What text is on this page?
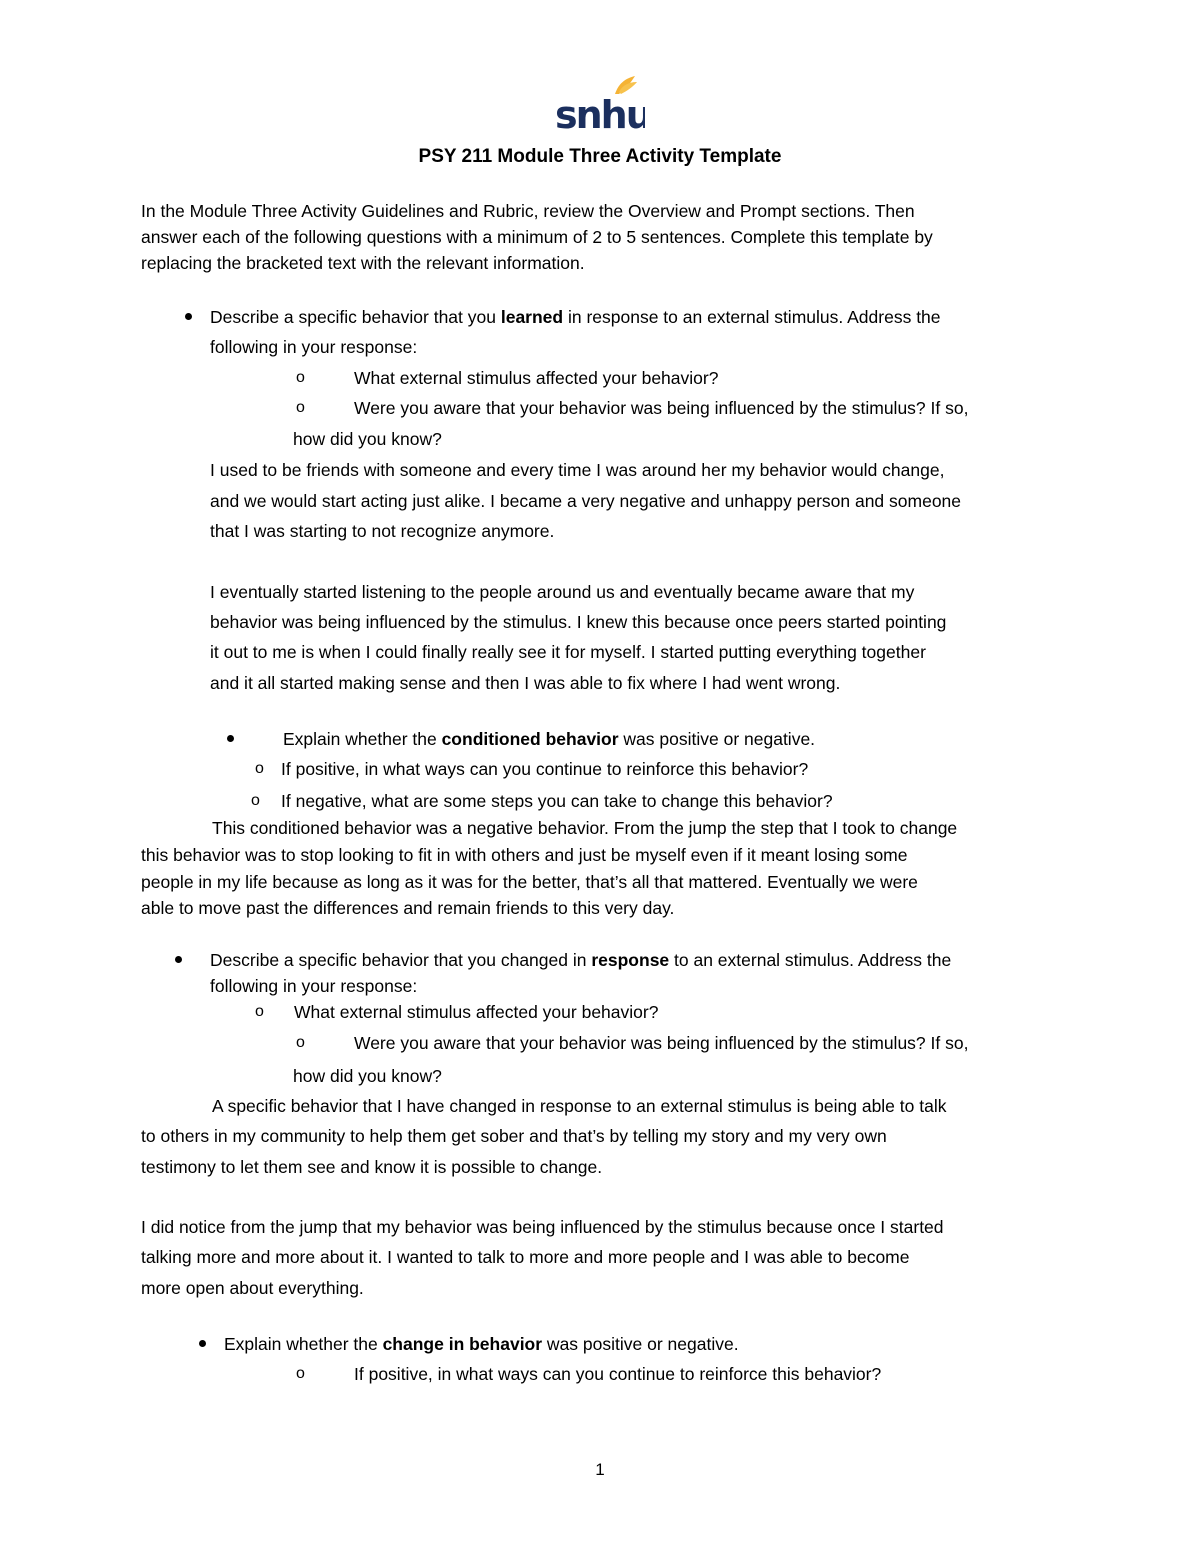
snhu
PSY 211 Module Three Activity Template
In the Module Three Activity Guidelines and Rubric, review the Overview and Prompt sections. Then
answer each of the following questions with a minimum of 2 to 5 sentences. Complete this template by
replacing the bracketed text with the relevant information.
Describe a specific behavior that you learned in response to an external stimulus. Address the
following in your response:
o	What external stimulus affected your behavior?
o	Were you aware that your behavior was being influenced by the stimulus? If so,
how did you know?
I used to be friends with someone and every time I was around her my behavior would change,
and we would start acting just alike. I became a very negative and unhappy person and someone
that I was starting to not recognize anymore.
I eventually started listening to the people around us and eventually became aware that my
behavior was being influenced by the stimulus. I knew this because once peers started pointing
it out to me is when I could finally really see it for myself. I started putting everything together
and it all started making sense and then I was able to fix where I had went wrong.
Explain whether the conditioned behavior was positive or negative.
o If positive, in what ways can you continue to reinforce this behavior?
o If negative, what are some steps you can take to change this behavior?
This conditioned behavior was a negative behavior. From the jump the step that I took to change
this behavior was to stop looking to fit in with others and just be myself even if it meant losing some
people in my life because as long as it was for the better, that’s all that mattered. Eventually we were
able to move past the differences and remain friends to this very day.
Describe a specific behavior that you changed in response to an external stimulus. Address the
following in your response:
o What external stimulus affected your behavior?
o	Were you aware that your behavior was being influenced by the stimulus? If so,
how did you know?
A specific behavior that I have changed in response to an external stimulus is being able to talk
to others in my community to help them get sober and that’s by telling my story and my very own
testimony to let them see and know it is possible to change.
I did notice from the jump that my behavior was being influenced by the stimulus because once I started
talking more and more about it. I wanted to talk to more and more people and I was able to become
more open about everything.
Explain whether the change in behavior was positive or negative.
o	If positive, in what ways can you continue to reinforce this behavior?
1
